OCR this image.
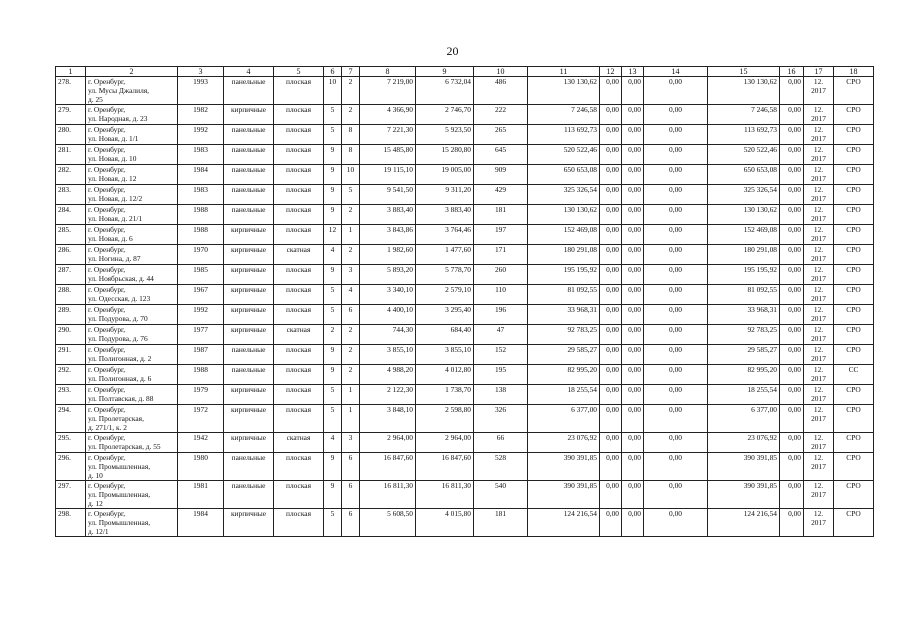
20
1	2	3	4	5	6	7	8	9	10	11	12	13	14	15	16	17	18
278.	г. Оренбург,
ул. Мусы Джалиля,
д. 25	1993	панельные	плоская	10	2	7 219,00	6 732,04	486	130 130,62	0,00	0,00	0,00	130 130,62	0,00	12.
2017	СРО
279.	г. Оренбург,
ул. Народная, д. 23	1982	кирпичные	плоская	5	2	4 366,90	2 746,70	222	7 246,58	0,00	0,00	0,00	7 246,58	0,00	12.
2017	СРО
280.	г. Оренбург,
ул. Новая, д. 1/1	1992	панельные	плоская	5	8	7 221,30	5 923,50	265	113 692,73	0,00	0,00	0,00	113 692,73	0,00	12.
2017	СРО
281.	г. Оренбург,
ул. Новая, д. 10	1983	панельные	плоская	9	8	15 485,80	15 280,80	645	520 522,46	0,00	0,00	0,00	520 522,46	0,00	12.
2017	СРО
282.	г. Оренбург,
ул. Новая, д. 12	1984	панельные	плоская	9	10	19 115,10	19 005,00	909	650 653,08	0,00	0,00	0,00	650 653,08	0,00	12.
2017	СРО
283.	г. Оренбург,
ул. Новая, д. 12/2	1983	панельные	плоская	9	5	9 541,50	9 311,20	429	325 326,54	0,00	0,00	0,00	325 326,54	0,00	12.
2017	СРО
284.	г. Оренбург,
ул. Новая, д. 21/1	1988	панельные	плоская	9	2	3 883,40	3 883,40	181	130 130,62	0,00	0,00	0,00	130 130,62	0,00	12.
2017	СРО
285.	г. Оренбург,
ул. Новая, д. 6	1988	кирпичные	плоская	12	1	3 843,86	3 764,46	197	152 469,08	0,00	0,00	0,00	152 469,08	0,00	12.
2017	СРО
286.	г. Оренбург,
ул. Ногина, д. 87	1970	кирпичные	скатная	4	2	1 982,60	1 477,60	171	180 291,08	0,00	0,00	0,00	180 291,08	0,00	12.
2017	СРО
287.	г. Оренбург,
ул. Ноябрьская, д. 44	1985	кирпичные	плоская	9	3	5 893,20	5 778,70	260	195 195,92	0,00	0,00	0,00	195 195,92	0,00	12.
2017	СРО
288.	г. Оренбург,
ул. Одесская, д. 123	1967	кирпичные	плоская	5	4	3 340,10	2 579,10	110	81 092,55	0,00	0,00	0,00	81 092,55	0,00	12.
2017	СРО
289.	г. Оренбург,
ул. Подурова, д. 70	1992	кирпичные	плоская	5	6	4 400,10	3 295,40	196	33 968,31	0,00	0,00	0,00	33 968,31	0,00	12.
2017	СРО
290.	г. Оренбург,
ул. Подурова, д. 76	1977	кирпичные	скатная	2	2	744,30	684,40	47	92 783,25	0,00	0,00	0,00	92 783,25	0,00	12.
2017	СРО
291.	г. Оренбург,
ул. Полигонная, д. 2	1987	панельные	плоская	9	2	3 855,10	3 855,10	152	29 585,27	0,00	0,00	0,00	29 585,27	0,00	12.
2017	СРО
292.	г. Оренбург,
ул. Полигонная, д. 6	1988	панельные	плоская	9	2	4 988,20	4 012,80	195	82 995,20	0,00	0,00	0,00	82 995,20	0,00	12.
2017	СС
293.	г. Оренбург,
ул. Полтавская, д. 88	1979	кирпичные	плоская	5	1	2 122,30	1 738,70	138	18 255,54	0,00	0,00	0,00	18 255,54	0,00	12.
2017	СРО
294.	г. Оренбург,
ул. Пролетарская,
д. 271/1, к. 2	1972	кирпичные	плоская	5	1	3 848,10	2 598,80	326	6 377,00	0,00	0,00	0,00	6 377,00	0,00	12.
2017	СРО
295.	г. Оренбург,
ул. Пролетарская, д. 55	1942	кирпичные	скатная	4	3	2 964,00	2 964,00	66	23 076,92	0,00	0,00	0,00	23 076,92	0,00	12.
2017	СРО
296.	г. Оренбург,
ул. Промышленная,
д. 10	1980	панельные	плоская	9	6	16 847,60	16 847,60	528	390 391,85	0,00	0,00	0,00	390 391,85	0,00	12.
2017	СРО
297.	г. Оренбург,
ул. Промышленная,
д. 12	1981	панельные	плоская	9	6	16 811,30	16 811,30	540	390 391,85	0,00	0,00	0,00	390 391,85	0,00	12.
2017	СРО
298.	г. Оренбург,
ул. Промышленная,
д. 12/1	1984	кирпичные	плоская	5	6	5 608,50	4 015,80	181	124 216,54	0,00	0,00	0,00	124 216,54	0,00	12.
2017	СРО
